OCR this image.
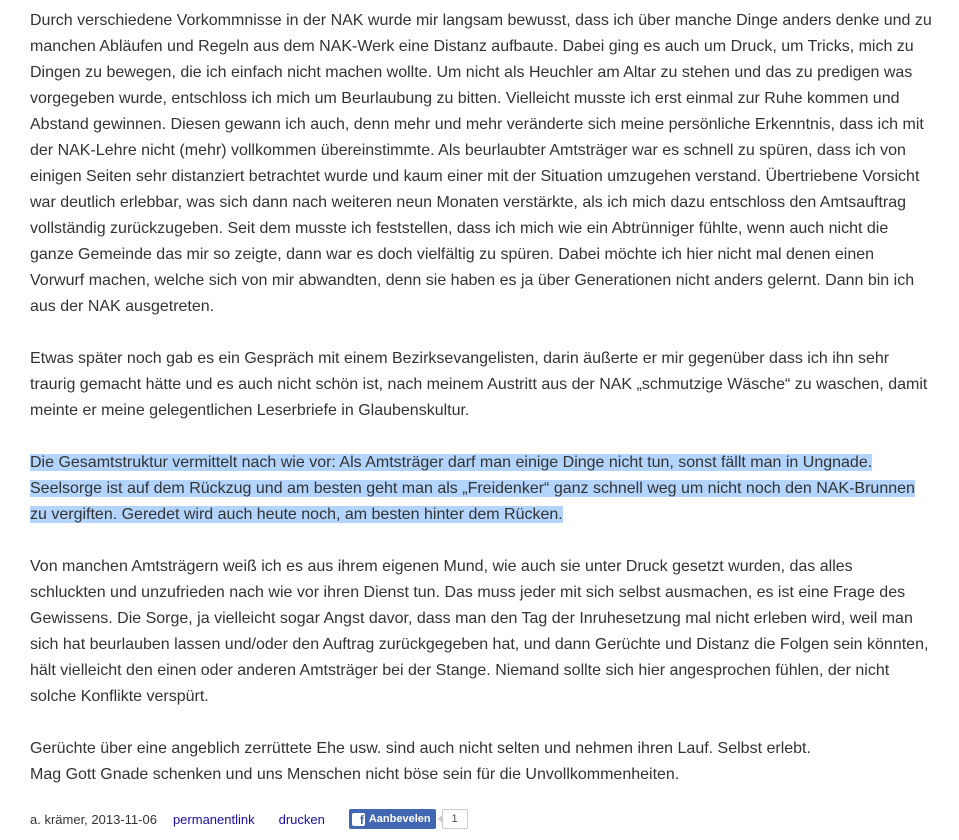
Durch verschiedene Vorkommnisse in der NAK wurde mir langsam bewusst, dass ich über manche Dinge anders denke und zu manchen Abläufen und Regeln aus dem NAK-Werk eine Distanz aufbaute. Dabei ging es auch um Druck, um Tricks, mich zu Dingen zu bewegen, die ich einfach nicht machen wollte. Um nicht als Heuchler am Altar zu stehen und das zu predigen was vorgegeben wurde, entschloss ich mich um Beurlaubung zu bitten. Vielleicht musste ich erst einmal zur Ruhe kommen und Abstand gewinnen. Diesen gewann ich auch, denn mehr und mehr veränderte sich meine persönliche Erkenntnis, dass ich mit der NAK-Lehre nicht (mehr) vollkommen übereinstimmte. Als beurlaubter Amtsträger war es schnell zu spüren, dass ich von einigen Seiten sehr distanziert betrachtet wurde und kaum einer mit der Situation umzugehen verstand. Übertriebene Vorsicht war deutlich erlebbar, was sich dann nach weiteren neun Monaten verstärkte, als ich mich dazu entschloss den Amtsauftrag vollständig zurückzugeben. Seit dem musste ich feststellen, dass ich mich wie ein Abtrünniger fühlte, wenn auch nicht die ganze Gemeinde das mir so zeigte, dann war es doch vielfältig zu spüren. Dabei möchte ich hier nicht mal denen einen Vorwurf machen, welche sich von mir abwandten, denn sie haben es ja über Generationen nicht anders gelernt. Dann bin ich aus der NAK ausgetreten.

Etwas später noch gab es ein Gespräch mit einem Bezirksevangelisten, darin äußerte er mir gegenüber dass ich ihn sehr traurig gemacht hätte und es auch nicht schön ist, nach meinem Austritt aus der NAK „schmutzige Wäsche“ zu waschen, damit meinte er meine gelegentlichen Leserbriefe in Glaubenskultur.

Die Gesamtstruktur vermittelt nach wie vor: Als Amtsträger darf man einige Dinge nicht tun, sonst fällt man in Ungnade. Seelsorge ist auf dem Rückzug und am besten geht man als „Freidenker“ ganz schnell weg um nicht noch den NAK-Brunnen zu vergiften. Geredet wird auch heute noch, am besten hinter dem Rücken.

Von manchen Amtsträgern weiß ich es aus ihrem eigenen Mund, wie auch sie unter Druck gesetzt wurden, das alles schluckten und unzufrieden nach wie vor ihren Dienst tun. Das muss jeder mit sich selbst ausmachen, es ist eine Frage des Gewissens. Die Sorge, ja vielleicht sogar Angst davor, dass man den Tag der Inruhesetzung mal nicht erleben wird, weil man sich hat beurlauben lassen und/oder den Auftrag zurückgegeben hat, und dann Gerüchte und Distanz die Folgen sein könnten, hält vielleicht den einen oder anderen Amtsträger bei der Stange. Niemand sollte sich hier angesprochen fühlen, der nicht solche Konflikte verspürt.

Gerüchte über eine angeblich zerrüttete Ehe usw. sind auch nicht selten und nehmen ihren Lauf. Selbst erlebt.
Mag Gott Gnade schenken und uns Menschen nicht böse sein für die Unvollkommenheiten.
a. krämer, 2013-11-06 permanentlink drucken	f Aanbevelen	1
